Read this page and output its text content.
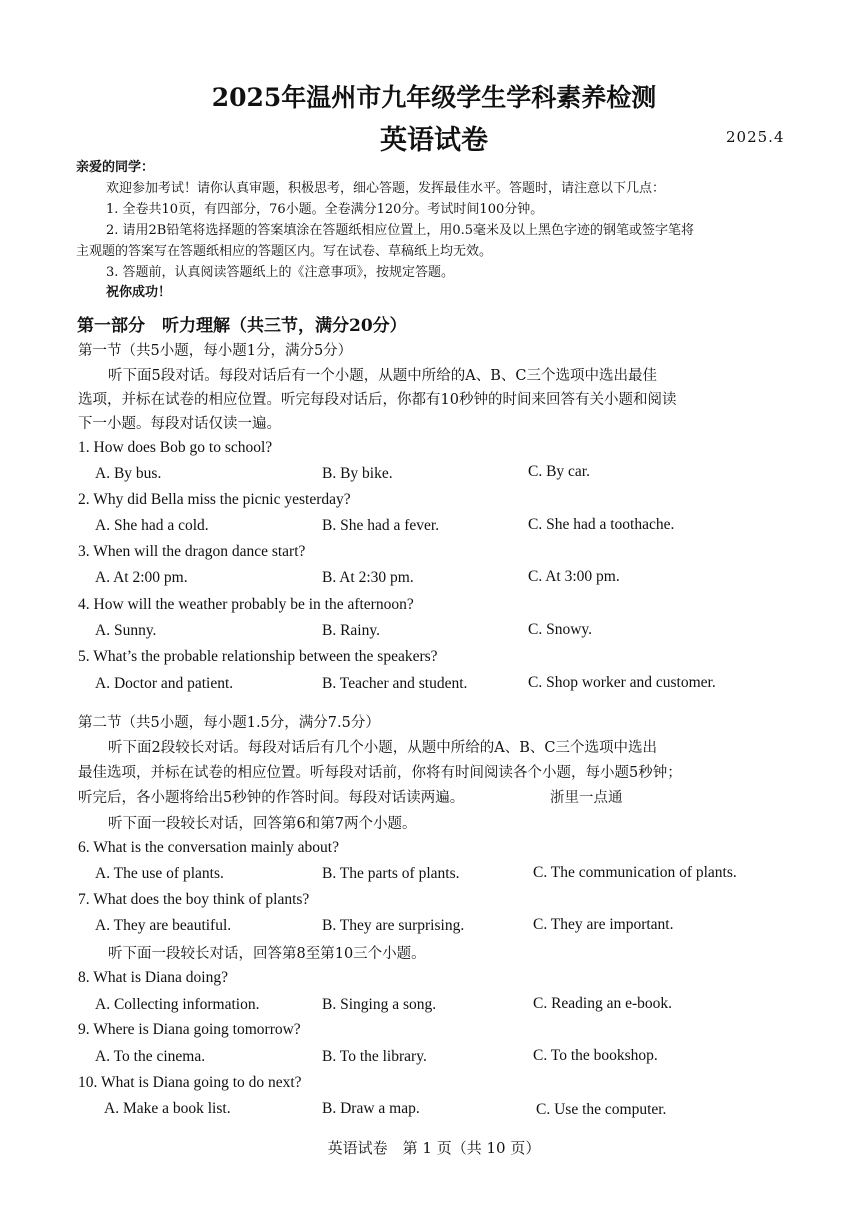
2025年温州市九年级学生学科素养检测
英语试卷	2025.4
亲爱的同学：
欢迎参加考试！请你认真审题，积极思考，细心答题，发挥最佳水平。答题时，请注意以下几点：
1. 全卷共10页，有四部分，76小题。全卷满分120分。考试时间100分钟。
2. 请用2B铅笔将选择题的答案填涂在答题纸相应位置上，用0.5毫米及以上黑色字迹的钢笔或签字笔将
主观题的答案写在答题纸相应的答题区内。写在试卷、草稿纸上均无效。
3. 答题前，认真阅读答题纸上的《注意事项》，按规定答题。
祝你成功！
第一部分　听力理解（共三节，满分20分）
第一节（共5小题，每小题1分，满分5分）
听下面5段对话。每段对话后有一个小题，从题中所给的A、B、C三个选项中选出最佳
选项，并标在试卷的相应位置。听完每段对话后，你都有10秒钟的时间来回答有关小题和阅读
下一小题。每段对话仅读一遍。
1. How does Bob go to school?
A. By bus.	B. By bike.	C. By car.
2. Why did Bella miss the picnic yesterday?
A. She had a cold.	B. She had a fever.	C. She had a toothache.
3. When will the dragon dance start?
A. At 2:00 pm.	B. At 2:30 pm.	C. At 3:00 pm.
4. How will the weather probably be in the afternoon?
A. Sunny.	B. Rainy.	C. Snowy.
5. What’s the probable relationship between the speakers?
A. Doctor and patient.	B. Teacher and student.	C. Shop worker and customer.
第二节（共5小题，每小题1.5分，满分7.5分）
听下面2段较长对话。每段对话后有几个小题，从题中所给的A、B、C三个选项中选出
最佳选项，并标在试卷的相应位置。听每段对话前，你将有时间阅读各个小题，每小题5秒钟；
听完后，各小题将给出5秒钟的作答时间。每段对话读两遍。	浙里一点通
听下面一段较长对话，回答第6和第7两个小题。
6. What is the conversation mainly about?
A. The use of plants.	B. The parts of plants.	C. The communication of plants.
7. What does the boy think of plants?
A. They are beautiful.	B. They are surprising.	C. They are important.
听下面一段较长对话，回答第8至第10三个小题。
8. What is Diana doing?
A. Collecting information.	B. Singing a song.	C. Reading an e-book.
9. Where is Diana going tomorrow?
A. To the cinema.	B. To the library.	C. To the bookshop.
10. What is Diana going to do next?
A. Make a book list.	B. Draw a map.	C. Use the computer.
英语试卷　第 1 页（共 10 页）
